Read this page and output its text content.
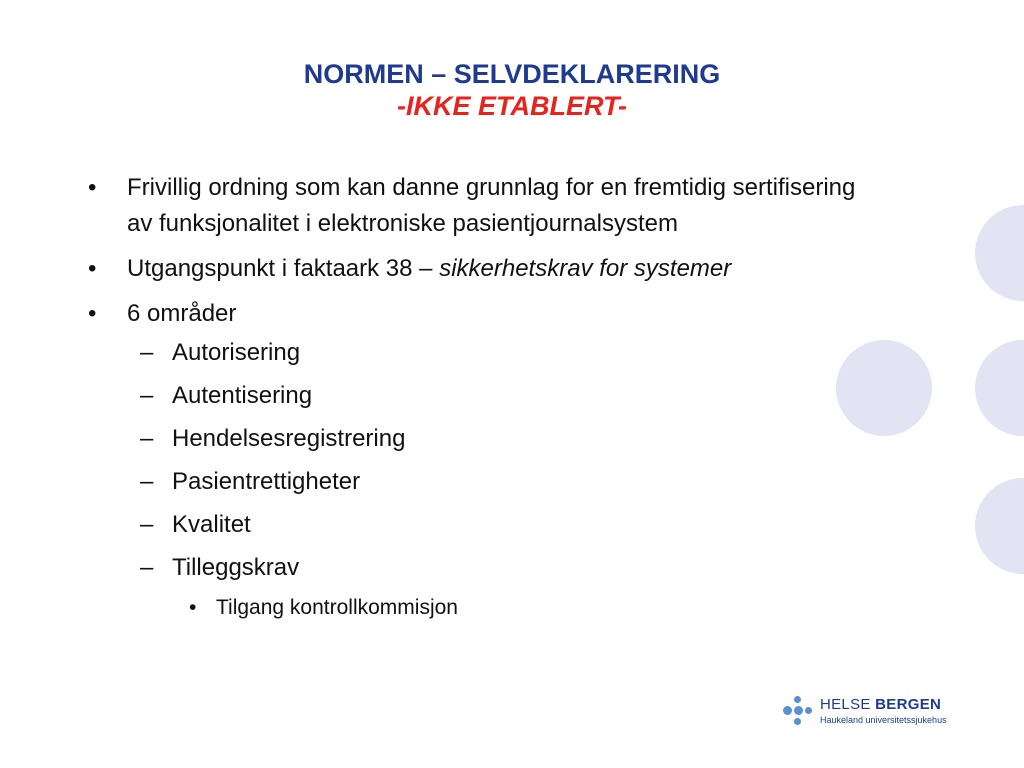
NORMEN – SELVDEKLARERING
-IKKE ETABLERT-
• Frivillig ordning som kan danne grunnlag for en fremtidig sertifisering av funksjonalitet i elektroniske pasientjournalsystem
• Utgangspunkt i faktaark 38 – sikkerhetskrav for systemer
• 6 områder
– Autorisering
– Autentisering
– Hendelsesregistrering
– Pasientrettigheter
– Kvalitet
– Tilleggskrav
• Tilgang kontrollkommisjon
HELSE BERGEN
Haukeland universitetssjukehus
